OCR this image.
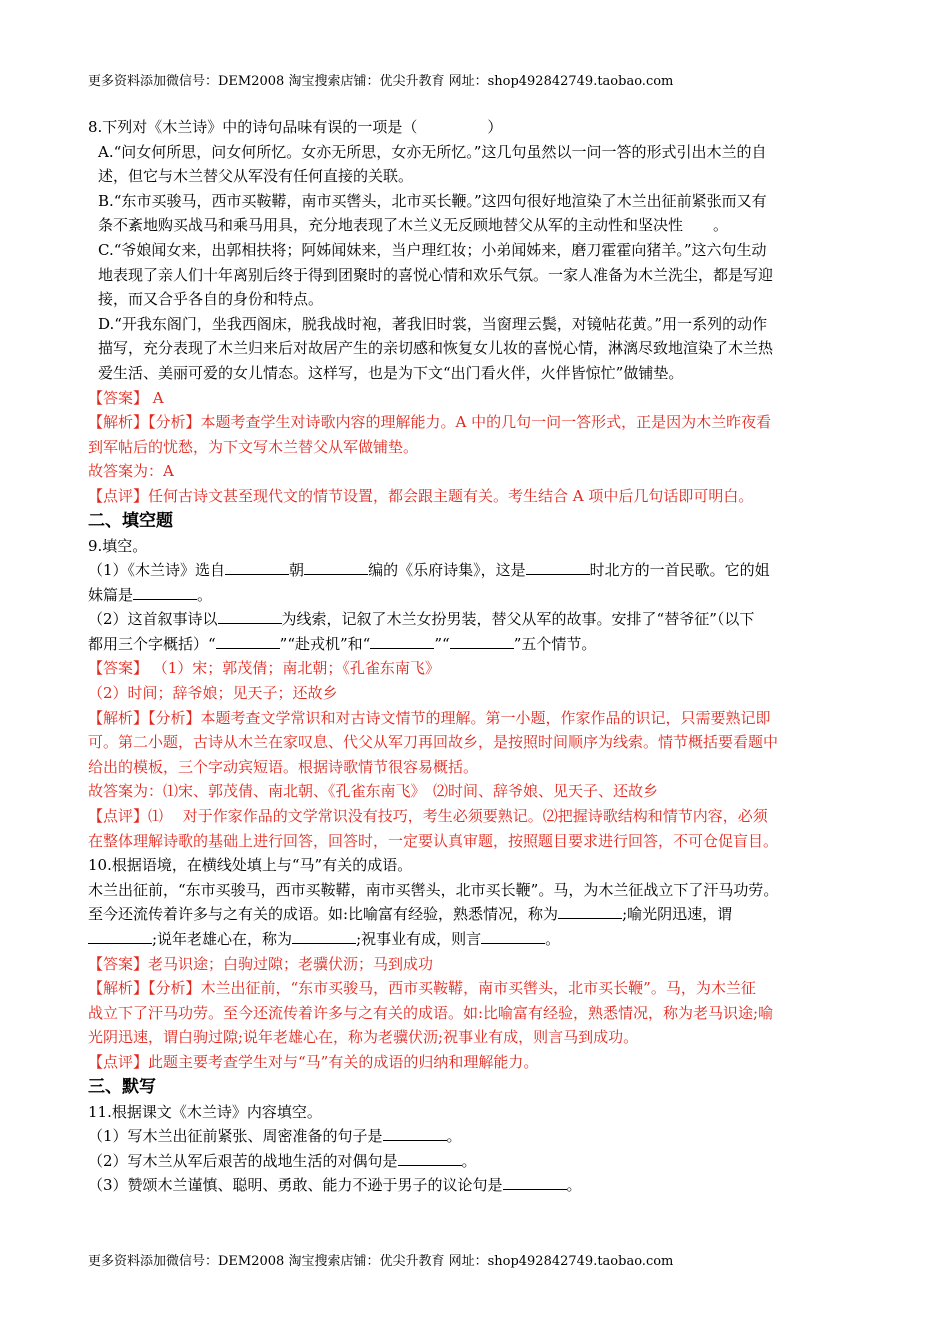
更多资料添加微信号：DEM2008 淘宝搜索店铺：优尖升教育 网址：shop492842749.taobao.com

8.下列对《木兰诗》中的诗句品味有误的一项是（	）

A.“问女何所思，问女何所忆。女亦无所思，女亦无所忆。”这几句虽然以一问一答的形式引出木兰的自

述，但它与木兰替父从军没有任何直接的关联。

B.“东市买骏马，西市买鞍鞯，南市买辔头，北市买长鞭。”这四句很好地渲染了木兰出征前紧张而又有

条不紊地购买战马和乘马用具，充分地表现了木兰义无反顾地替父从军的主动性和坚决性　　。

C.“爷娘闻女来，出郭相扶将；阿姊闻妹来，当户理红妆；小弟闻姊来，磨刀霍霍向猪羊。”这六句生动

地表现了亲人们十年离别后终于得到团聚时的喜悦心情和欢乐气氛。一家人准备为木兰洗尘，都是写迎

接，而又合乎各自的身份和特点。

D.“开我东阁门，坐我西阁床，脱我战时袍，著我旧时裳，当窗理云鬓，对镜帖花黄。”用一系列的动作

描写，充分表现了木兰归来后对故居产生的亲切感和恢复女儿妆的喜悦心情，淋漓尽致地渲染了木兰热

爱生活、美丽可爱的女儿情态。这样写，也是为下文“出门看火伴，火伴皆惊忙”做铺垫。

【答案】 A

【解析】【分析】本题考查学生对诗歌内容的理解能力。A 中的几句一问一答形式，正是因为木兰昨夜看

到军帖后的忧愁，为下文写木兰替父从军做铺垫。

故答案为：A

【点评】任何古诗文甚至现代文的情节设置，都会跟主题有关。考生结合 A 项中后几句话即可明白。

二、填空题

9.填空。

（1）《木兰诗》选自	朝	编的《乐府诗集》，这是	时北方的一首民歌。它的姐

妹篇是	。

（2）这首叙事诗以	为线索，记叙了木兰女扮男装，替父从军的故事。安排了“替爷征”（以下

都用三个字概括）“	”“赴戎机”和“	”“	”五个情节。

【答案】 （1）宋；郭茂倩；南北朝；《孔雀东南飞》

（2）时间；辞爷娘；见天子；还故乡

【解析】【分析】本题考查文学常识和对古诗文情节的理解。第一小题，作家作品的识记，只需要熟记即

可。第二小题，古诗从木兰在家叹息、代父从军刀再回故乡，是按照时间顺序为线索。情节概括要看题中

给出的模板，三个字动宾短语。根据诗歌情节很容易概括。

故答案为：⑴宋、郭茂倩、南北朝、《孔雀东南飞》　⑵时间、辞爷娘、见天子、还故乡

【点评】⑴　 对于作家作品的文学常识没有技巧，考生必须要熟记。⑵把握诗歌结构和情节内容，必须

在整体理解诗歌的基础上进行回答，回答时，一定要认真审题，按照题目要求进行回答，不可仓促盲目。

10.根据语境，在横线处填上与“马”有关的成语。

木兰出征前，“东市买骏马，西市买鞍鞯，南市买辔头，北市买长鞭”。马，为木兰征战立下了汗马功劳。

至今还流传着许多与之有关的成语。如:比喻富有经验，熟悉情况，称为	;喻光阴迅速，谓

;说年老雄心在，称为	;祝事业有成，则言	。

【答案】老马识途；白驹过隙；老骥伏沥；马到成功

【解析】【分析】木兰出征前，“东市买骏马，西市买鞍鞯，南市买辔头，北市买长鞭”。马，为木兰征

战立下了汗马功劳。至今还流传着许多与之有关的成语。如:比喻富有经验，熟悉情况，称为老马识途;喻

光阴迅速，谓白驹过隙;说年老雄心在，称为老骥伏沥;祝事业有成，则言马到成功。

【点评】此题主要考查学生对与“马”有关的成语的归纳和理解能力。

三、默写

11.根据课文《木兰诗》内容填空。

（1）写木兰出征前紧张、周密准备的句子是	。

（2）写木兰从军后艰苦的战地生活的对偶句是	。

（3）赞颂木兰谨慎、聪明、勇敢、能力不逊于男子的议论句是	。

更多资料添加微信号：DEM2008 淘宝搜索店铺：优尖升教育 网址：shop492842749.taobao.com
